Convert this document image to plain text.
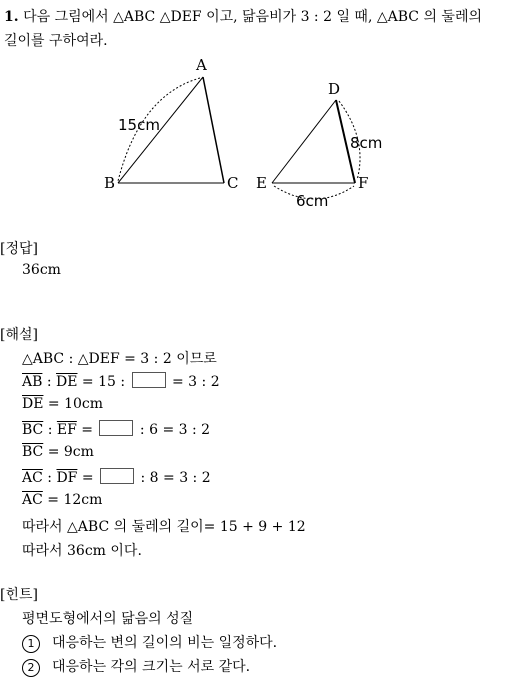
1. 다음 그림에서 △ABC △DEF 이고, 닮음비가 3 : 2 일 때, △ABC 의 둘레의
길이를 구하여라.
A
B	C
15cm
D
E	F
8cm
6cm
[정답]
36cm
[해설]
△ABC : △DEF = 3 : 2 이므로
$\overline{AB}$ : $\overline{DE} = 15$ :	= 3 : 2
$\overline{DE} = 10cm$
$\overline{BC}$ : $\overline{EF}$ =	: 6 = 3 : 2
$\overline{BC} = 9cm$
$\overline{AC}$ : $\overline{DF}$ =	: 8 = 3 : 2
$\overline{AC} = 12cm$
따라서 △ABC 의 둘레의 길이= 15 + 9 + 12
따라서 36cm 이다.
[힌트]
평면도형에서의 닮음의 성질
1 대응하는 변의 길이의 비는 일정하다.
2 대응하는 각의 크기는 서로 같다.
